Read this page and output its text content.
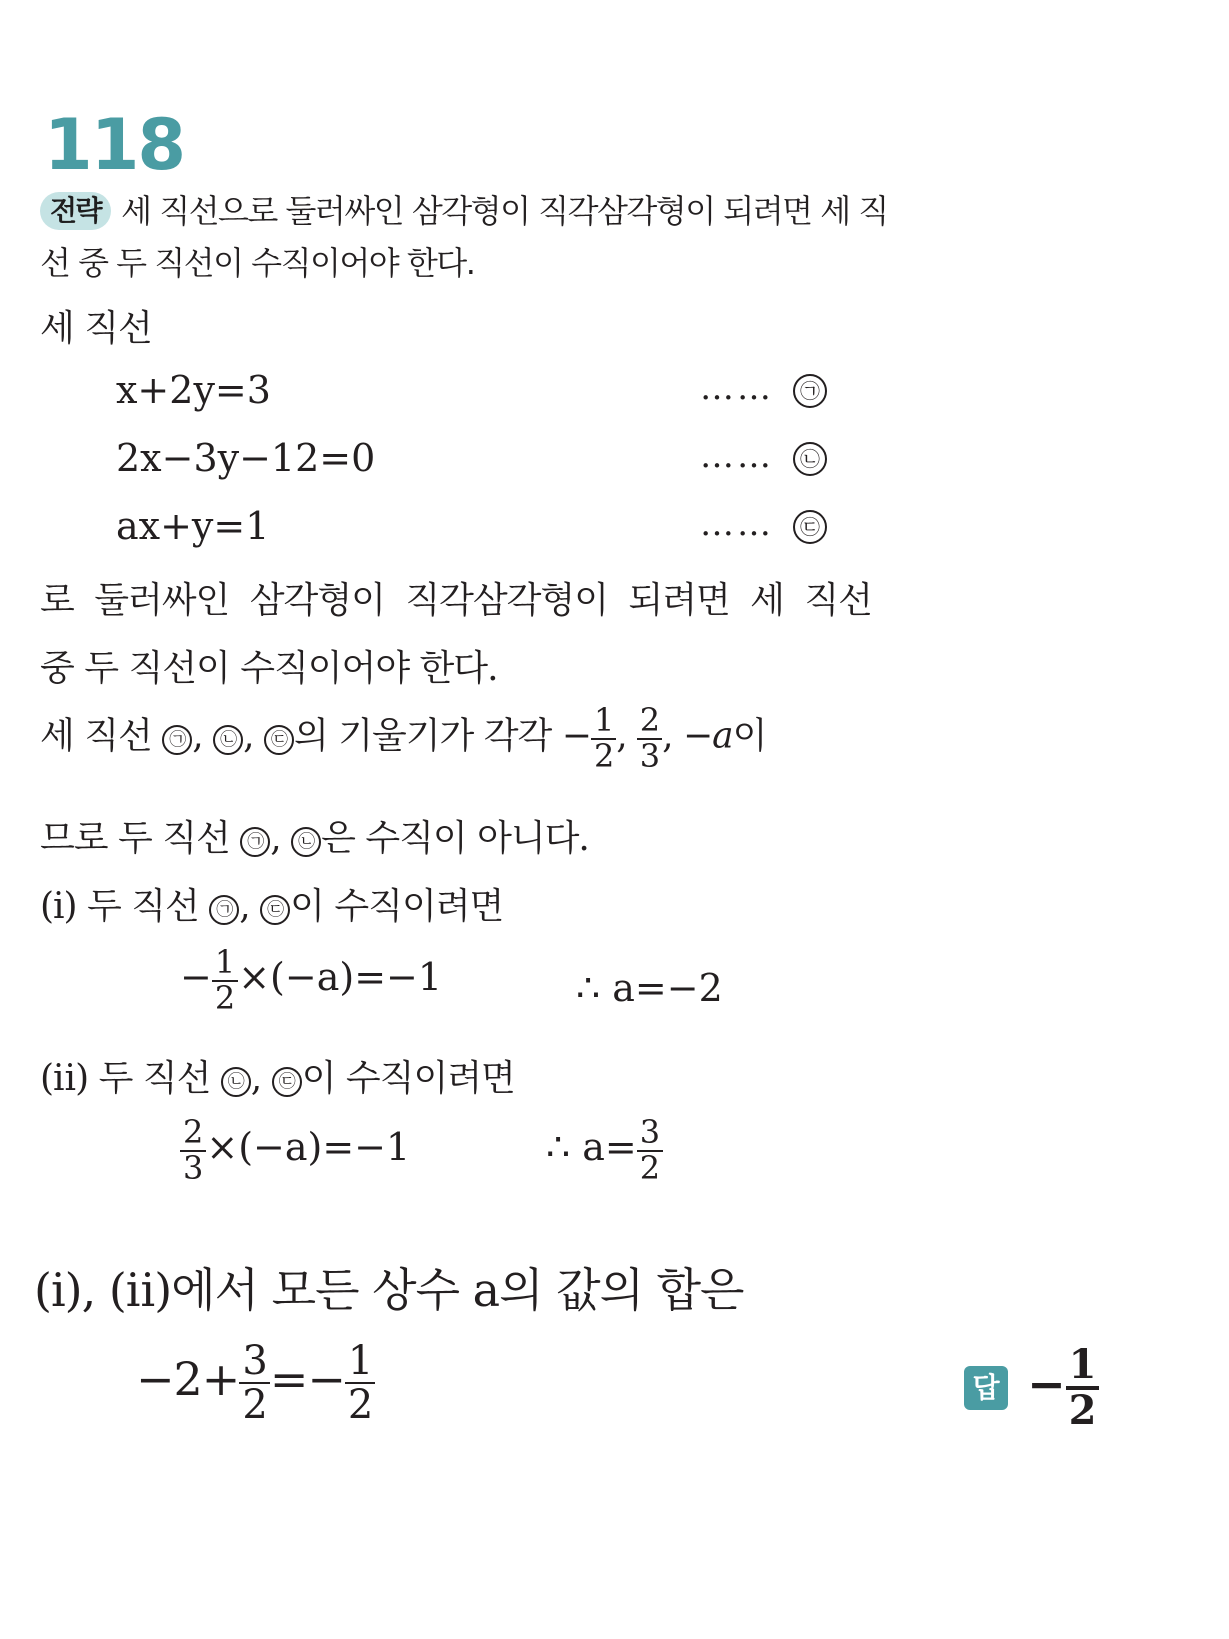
118
전략 세 직선으로 둘러싸인 삼각형이 직각삼각형이 되려면 세 직
선 중 두 직선이 수직이어야 한다.
세 직선
x+2y=3	……	㉠
2x−3y−12=0	……	㉡
ax+y=1	……	㉢
로 둘러싸인 삼각형이 직각삼각형이 되려면 세 직선
중 두 직선이 수직이어야 한다.
세 직선 ㉠ , ㉡ , ㉢ 의 기울기가 각각 − $\frac{1}{2}$ , $\frac{2}{3}$ , −a이
므로 두 직선 ㉠ , ㉡ 은 수직이 아니다.
(ⅰ) 두 직선 ㉠ , ㉢ 이 수직이려면
− $\frac{1}{2} \times(-a)=-1$	∴ a=−2
(ⅱ) 두 직선 ㉡ , ㉢ 이 수직이려면
$\frac{2}{3} \times(-a)=-1$	∴ $a= \frac{3}{2}$
(ⅰ), (ⅱ)에서 모든 상수 a의 값의 합은
$-2+ \frac{3}{2} =- \frac{1}{2}$	답 − $\frac{1}{2}$
